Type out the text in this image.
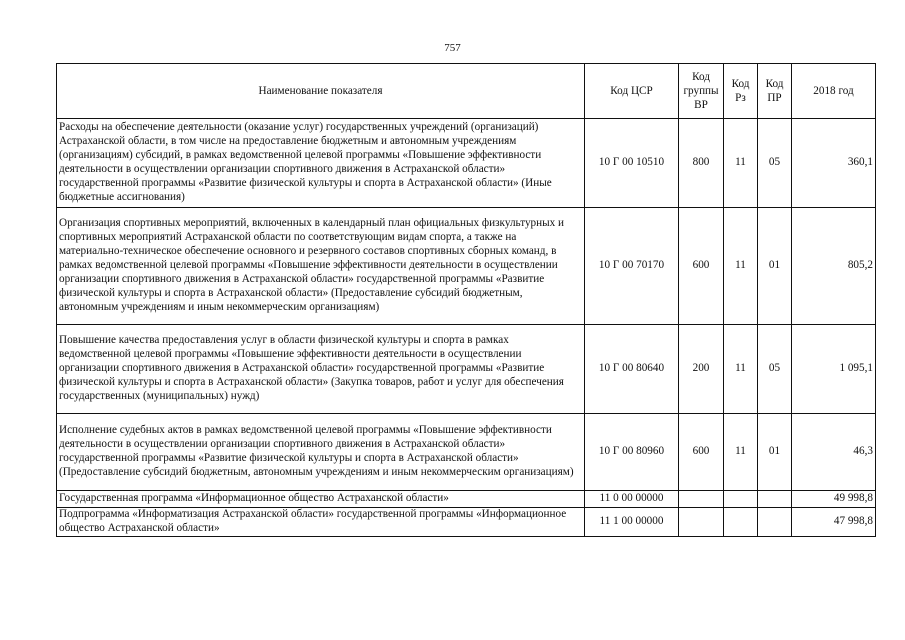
757
Наименование показателя	Код ЦСР	Код группы ВР	Код Рз	Код ПР	2018 год
Расходы на обеспечение деятельности (оказание услуг) государственных учреждений (организаций) Астраханской области, в том числе на предоставление бюджетным и автономным учреждениям (организациям) субсидий, в рамках ведомственной целевой программы «Повышение эффективности деятельности в осуществлении организации спортивного движения в Астраханской области» государственной программы «Развитие физической культуры и спорта в Астраханской области» (Иные бюджетные ассигнования)	10 Г 00 10510	800	11	05	360,1
Организация спортивных мероприятий, включенных в календарный план официальных физкультурных и спортивных мероприятий Астраханской области по соответствующим видам спорта, а также на материально-техническое обеспечение основного и резервного составов спортивных сборных команд, в рамках ведомственной целевой программы «Повышение эффективности деятельности в осуществлении организации спортивного движения в Астраханской области» государственной программы «Развитие физической культуры и спорта в Астраханской области» (Предоставление субсидий бюджетным, автономным учреждениям и иным некоммерческим организациям)	10 Г 00 70170	600	11	01	805,2
Повышение качества предоставления услуг в области физической культуры и спорта в рамках ведомственной целевой программы «Повышение эффективности деятельности в осуществлении организации спортивного движения в Астраханской области» государственной программы «Развитие физической культуры и спорта в Астраханской области» (Закупка товаров, работ и услуг для обеспечения государственных (муниципальных) нужд)	10 Г 00 80640	200	11	05	1 095,1
Исполнение судебных актов в рамках ведомственной целевой программы «Повышение эффективности деятельности в осуществлении организации спортивного движения в Астраханской области» государственной программы «Развитие физической культуры и спорта в Астраханской области» (Предоставление субсидий бюджетным, автономным учреждениям и иным некоммерческим организациям)	10 Г 00 80960	600	11	01	46,3
Государственная программа «Информационное общество Астраханской области»	11 0 00 00000				49 998,8
Подпрограмма «Информатизация Астраханской области» государственной программы «Информационное общество Астраханской области»	11 1 00 00000				47 998,8
